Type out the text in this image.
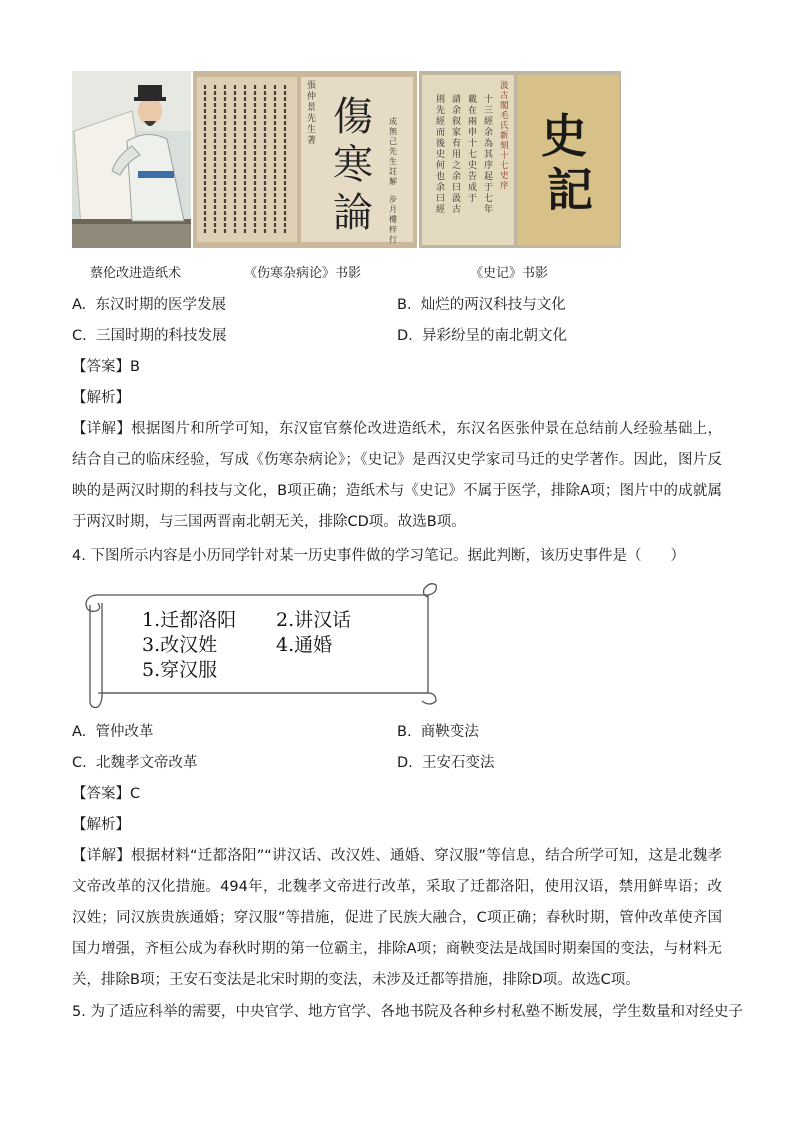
張仲景先生著
成無己先生註解
步月樓梓行
傷
寒
論
汲古閣毛氏新刻十七史序
十三經余為其序起于七年
載在兩申十七史告成于
請余叙家有用之余曰汲古
則先經而後史何也余曰經
史
記
蔡伦改进造纸术	《伤寒杂病论》书影	《史记》书影
A. 东汉时期的医学发展	B. 灿烂的两汉科技与文化
C. 三国时期的科技发展	D. 异彩纷呈的南北朝文化
【答案】B
【解析】
【详解】根据图片和所学可知，东汉宦官蔡伦改进造纸术，东汉名医张仲景在总结前人经验基础上，结合自己的临床经验，写成《伤寒杂病论》；《史记》是西汉史学家司马迁的史学著作。因此，图片反映的是两汉时期的科技与文化，B项正确；造纸术与《史记》不属于医学，排除A项；图片中的成就属于两汉时期，与三国两晋南北朝无关，排除CD项。故选B项。
4. 下图所示内容是小历同学针对某一历史事件做的学习笔记。据此判断，该历史事件是（　　）
1.迁都洛阳 2.讲汉话
3.改汉姓	4.通婚
5.穿汉服
A. 管仲改革	B. 商鞅变法
C. 北魏孝文帝改革	D. 王安石变法
【答案】C
【解析】
【详解】根据材料“迁都洛阳”“讲汉话、改汉姓、通婚、穿汉服”等信息，结合所学可知，这是北魏孝文帝改革的汉化措施。494年，北魏孝文帝进行改革，采取了迁都洛阳，使用汉语，禁用鲜卑语；改汉姓；同汉族贵族通婚；穿汉服”等措施，促进了民族大融合，C项正确；春秋时期，管仲改革使齐国国力增强，齐桓公成为春秋时期的第一位霸主，排除A项；商鞅变法是战国时期秦国的变法，与材料无关，排除B项；王安石变法是北宋时期的变法，未涉及迁都等措施，排除D项。故选C项。
5. 为了适应科举的需要，中央官学、地方官学、各地书院及各种乡村私塾不断发展，学生数量和对经史子
